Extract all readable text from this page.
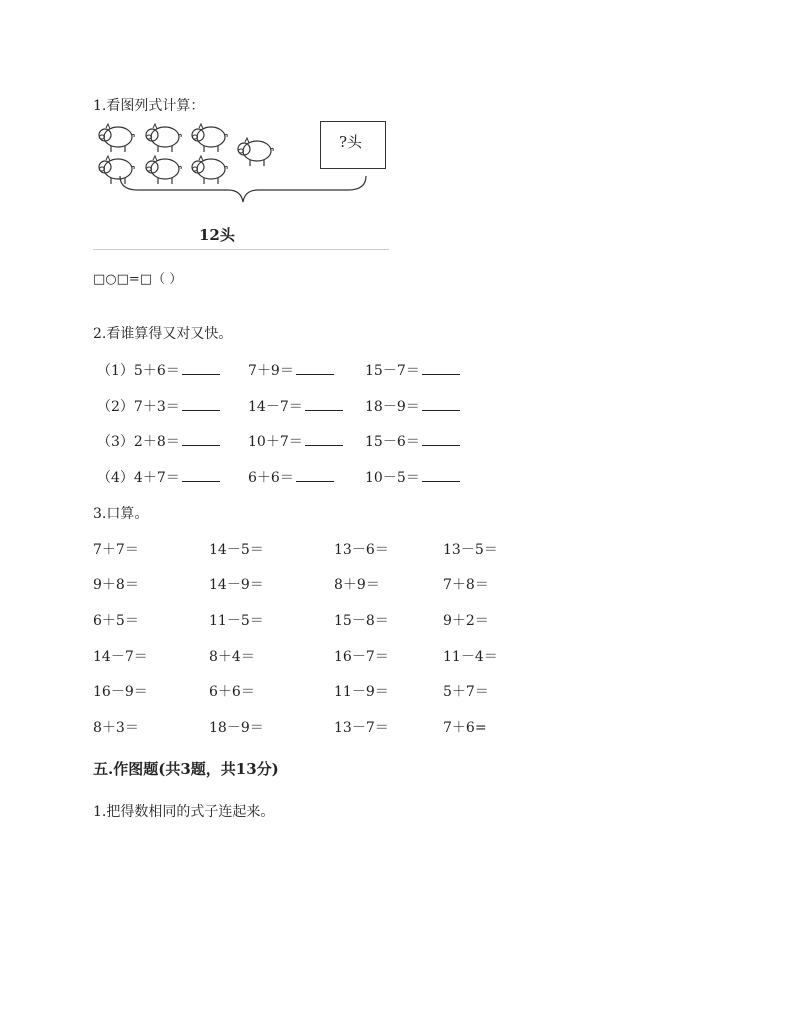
1.看图列式计算：
?头
12头
□○□=□（ ）
2.看谁算得又对又快。
（1）5＋6＝	7＋9＝	15－7＝
（2）7＋3＝	14－7＝	18－9＝
（3）2＋8＝	10＋7＝	15－6＝
（4）4＋7＝	6＋6＝	10－5＝
3.口算。
7＋7＝	14－5＝	13－6＝	13－5＝
9＋8＝	14－9＝	8＋9＝	7＋8＝
6＋5＝	11－5＝	15－8＝	9＋2＝
14－7＝	8＋4＝	16－7＝	11－4＝
16－9＝	6＋6＝	11－9＝	5＋7＝
8＋3＝	18－9＝	13－7＝	7＋6=
五.作图题(共3题，共13分)
1.把得数相同的式子连起来。
